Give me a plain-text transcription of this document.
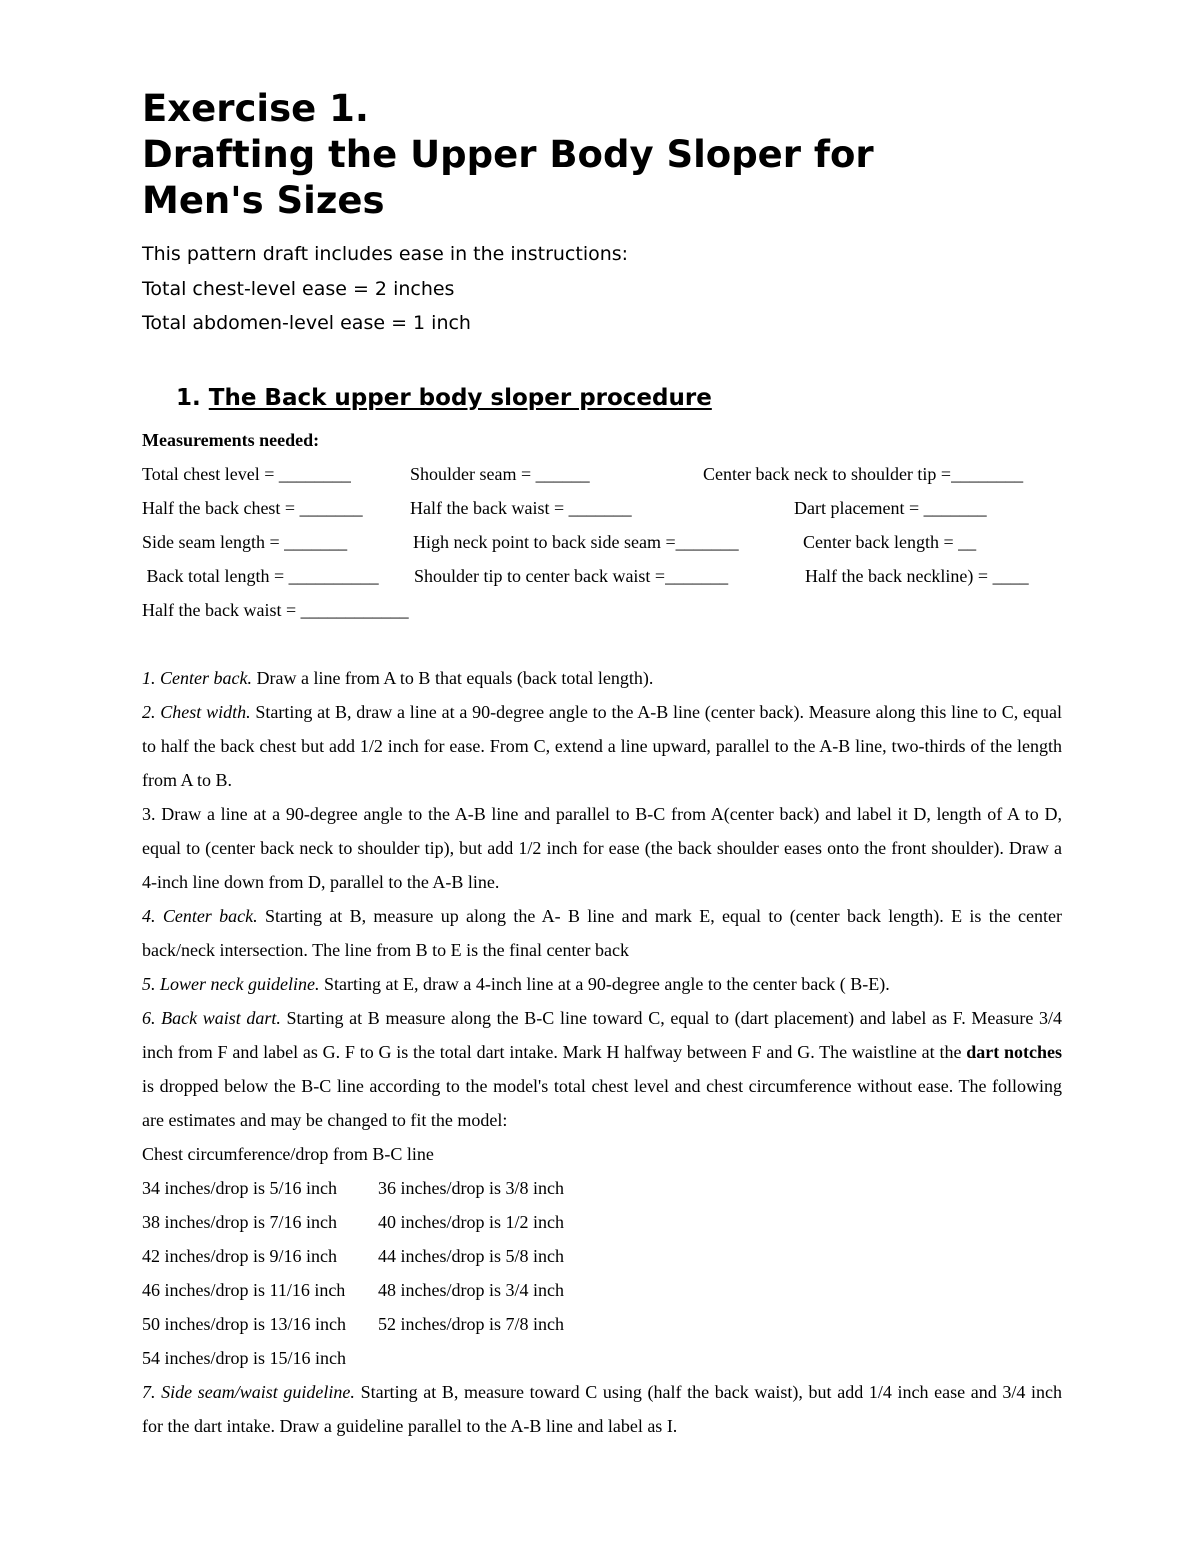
Exercise 1.
Drafting the Upper Body Sloper for
Men's Sizes
This pattern draft includes ease in the instructions:
Total chest-level ease = 2 inches
Total abdomen-level ease = 1 inch
1. The Back upper body sloper procedure
Measurements needed:
Total chest level = ________	Shoulder seam = ______	Center back neck to shoulder tip =________
Half the back chest = _______	Half the back waist = _______	Dart placement = _______
Side seam length = _______	High neck point to back side seam =_______	Center back length = __
Back total length = __________ Shoulder tip to center back waist =_______	Half the back neckline) = ____
Half the back waist = ____________
1. Center back. Draw a line from A to B that equals (back total length).
2. Chest width. Starting at B, draw a line at a 90-degree angle to the A-B line (center back). Measure along this line to C, equal to half the back chest but add 1/2 inch for ease. From C, extend a line upward, parallel to the A-B line, two-thirds of the length from A to B.
3. Draw a line at a 90-degree angle to the A-B line and parallel to B-C from A(center back) and label it D, length of A to D, equal to (center back neck to shoulder tip), but add 1/2 inch for ease (the back shoulder eases onto the front shoulder). Draw a 4-inch line down from D, parallel to the A-B line.
4. Center back. Starting at B, measure up along the A- B line and mark E, equal to (center back length). E is the center back/neck intersection. The line from B to E is the final center back
5. Lower neck guideline. Starting at E, draw a 4-inch line at a 90-degree angle to the center back ( B-E).
6. Back waist dart. Starting at B measure along the B-C line toward C, equal to (dart placement) and label as F. Measure 3/4 inch from F and label as G. F to G is the total dart intake. Mark H halfway between F and G. The waistline at the dart notches is dropped below the B-C line according to the model's total chest level and chest circumference without ease. The following are estimates and may be changed to fit the model:
Chest circumference/drop from B-C line
34 inches/drop is 5/16 inch 36 inches/drop is 3/8 inch
38 inches/drop is 7/16 inch 40 inches/drop is 1/2 inch
42 inches/drop is 9/16 inch 44 inches/drop is 5/8 inch
46 inches/drop is 11/16 inch 48 inches/drop is 3/4 inch
50 inches/drop is 13/16 inch 52 inches/drop is 7/8 inch
54 inches/drop is 15/16 inch
7. Side seam/waist guideline. Starting at B, measure toward C using (half the back waist), but add 1/4 inch ease and 3/4 inch for the dart intake. Draw a guideline parallel to the A-B line and label as I.
